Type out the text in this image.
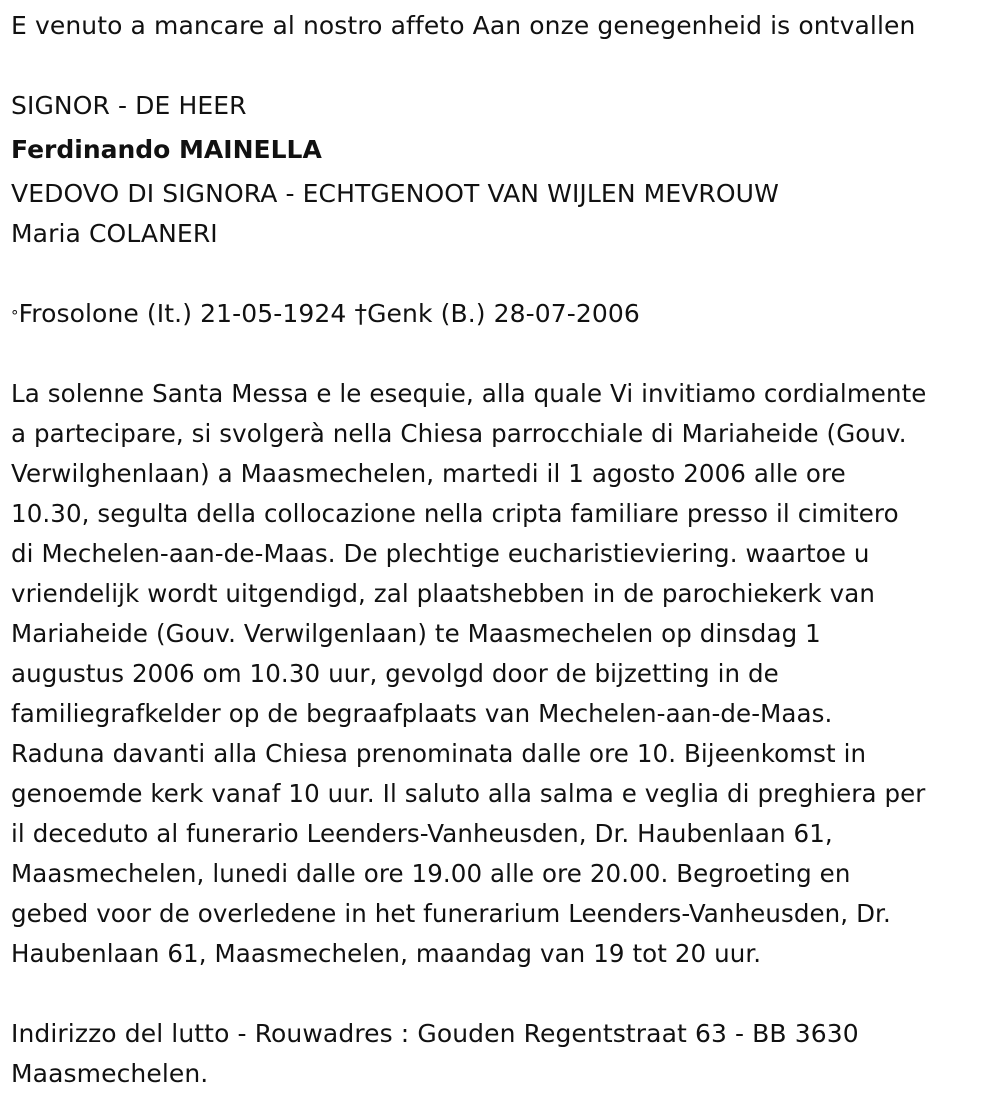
E venuto a mancare al nostro affeto Aan onze genegenheid is ontvallen

SIGNOR - DE HEER

Ferdinando MAINELLA

VEDOVO DI SIGNORA - ECHTGENOOT VAN WIJLEN MEVROUW

Maria COLANERI

°Frosolone (It.) 21-05-1924 †Genk (B.) 28-07-2006

La solenne Santa Messa e le esequie, alla quale Vi invitiamo cordialmente
a partecipare, si svolgerà nella Chiesa parrocchiale di Mariaheide (Gouv.
Verwilghenlaan) a Maasmechelen, martedi il 1 agosto 2006 alle ore
10.30, segulta della collocazione nella cripta familiare presso il cimitero
di Mechelen-aan-de-Maas. De plechtige eucharistieviering. waartoe u
vriendelijk wordt uitgendigd, zal plaatshebben in de parochiekerk van
Mariaheide (Gouv. Verwilgenlaan) te Maasmechelen op dinsdag 1
augustus 2006 om 10.30 uur, gevolgd door de bijzetting in de
familiegrafkelder op de begraafplaats van Mechelen-aan-de-Maas.
Raduna davanti alla Chiesa prenominata dalle ore 10. Bijeenkomst in
genoemde kerk vanaf 10 uur. Il saluto alla salma e veglia di preghiera per
il deceduto al funerario Leenders-Vanheusden, Dr. Haubenlaan 61,
Maasmechelen, lunedi dalle ore 19.00 alle ore 20.00. Begroeting en
gebed voor de overledene in het funerarium Leenders-Vanheusden, Dr.
Haubenlaan 61, Maasmechelen, maandag van 19 tot 20 uur.

Indirizzo del lutto - Rouwadres : Gouden Regentstraat 63 - BB 3630

Maasmechelen.
